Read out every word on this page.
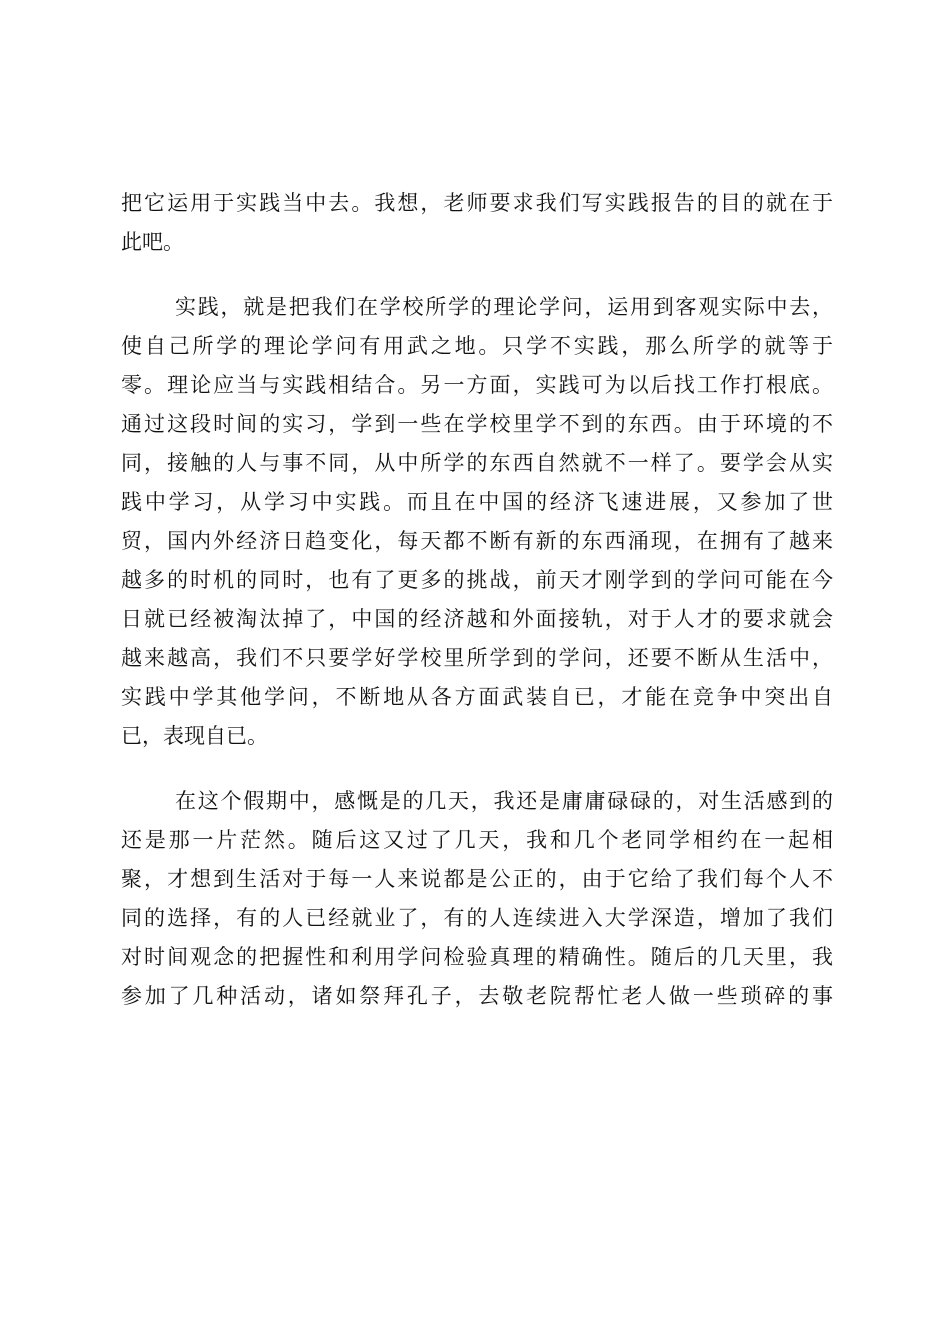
把它运用于实践当中去。我想，老师要求我们写实践报告的目的就在于
此吧。
实践，就是把我们在学校所学的理论学问，运用到客观实际中去，
使自己所学的理论学问有用武之地。只学不实践，那么所学的就等于
零。理论应当与实践相结合。另一方面，实践可为以后找工作打根底。
通过这段时间的实习，学到一些在学校里学不到的东西。由于环境的不
同，接触的人与事不同，从中所学的东西自然就不一样了。要学会从实
践中学习，从学习中实践。而且在中国的经济飞速进展，又参加了世
贸，国内外经济日趋变化，每天都不断有新的东西涌现，在拥有了越来
越多的时机的同时，也有了更多的挑战，前天才刚学到的学问可能在今
日就已经被淘汰掉了，中国的经济越和外面接轨，对于人才的要求就会
越来越高，我们不只要学好学校里所学到的学问，还要不断从生活中，
实践中学其他学问，不断地从各方面武装自已，才能在竞争中突出自
已，表现自已。
在这个假期中，感慨是的几天，我还是庸庸碌碌的，对生活感到的
还是那一片茫然。随后这又过了几天，我和几个老同学相约在一起相
聚，才想到生活对于每一人来说都是公正的，由于它给了我们每个人不
同的选择，有的人已经就业了，有的人连续进入大学深造，增加了我们
对时间观念的把握性和利用学问检验真理的精确性。随后的几天里，我
参加了几种活动，诸如祭拜孔子，去敬老院帮忙老人做一些琐碎的事
